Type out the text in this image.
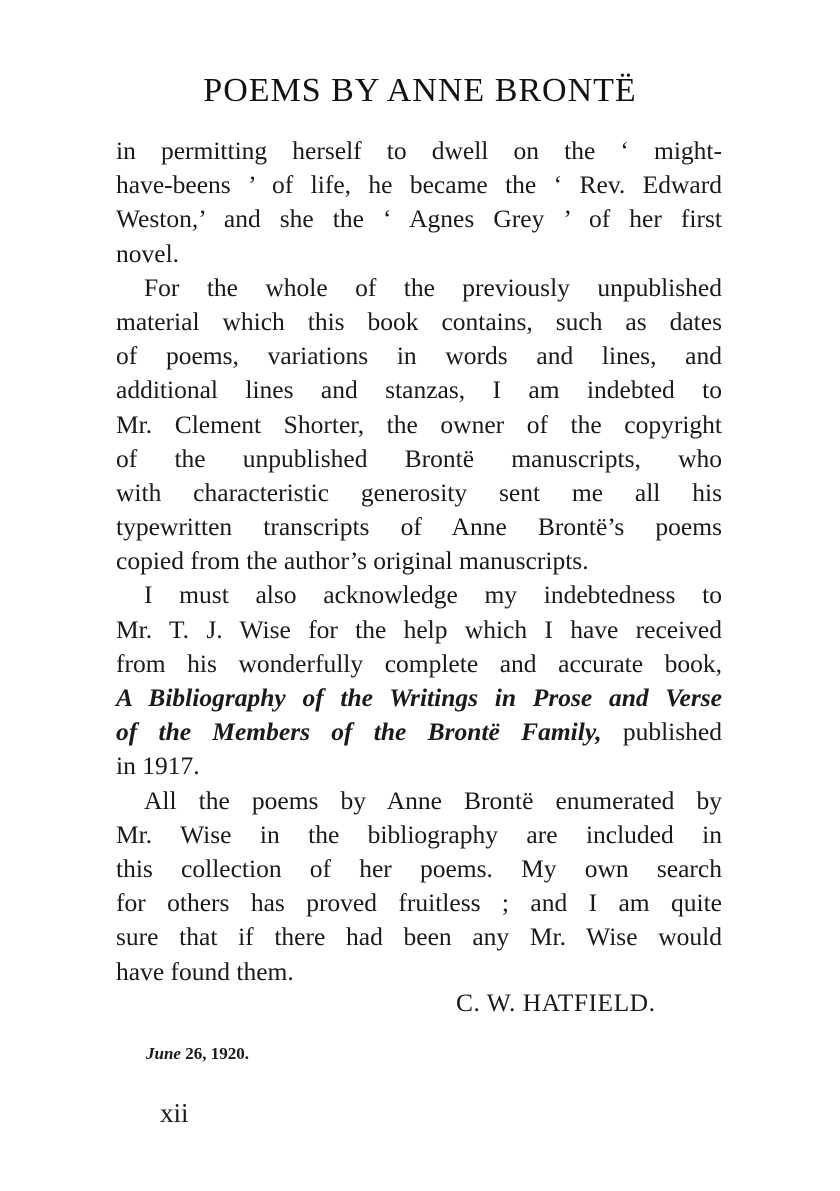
POEMS BY ANNE BRONTË
in permitting herself to dwell on the ‘ might-
have-beens ’ of life, he became the ‘ Rev. Edward
Weston,’ and she the ‘ Agnes Grey ’ of her first
novel.
For the whole of the previously unpublished
material which this book contains, such as dates
of poems, variations in words and lines, and
additional lines and stanzas, I am indebted to
Mr. Clement Shorter, the owner of the copyright
of the unpublished Brontë manuscripts, who
with characteristic generosity sent me all his
typewritten transcripts of Anne Brontë’s poems
copied from the author’s original manuscripts.
I must also acknowledge my indebtedness to
Mr. T. J. Wise for the help which I have received
from his wonderfully complete and accurate book,
A Bibliography of the Writings in Prose and Verse
of the Members of the Brontë Family, published
in 1917.
All the poems by Anne Brontë enumerated by
Mr. Wise in the bibliography are included in
this collection of her poems. My own search
for others has proved fruitless ; and I am quite
sure that if there had been any Mr. Wise would
have found them.
C. W. HATFIELD.
June 26, 1920.
xii
